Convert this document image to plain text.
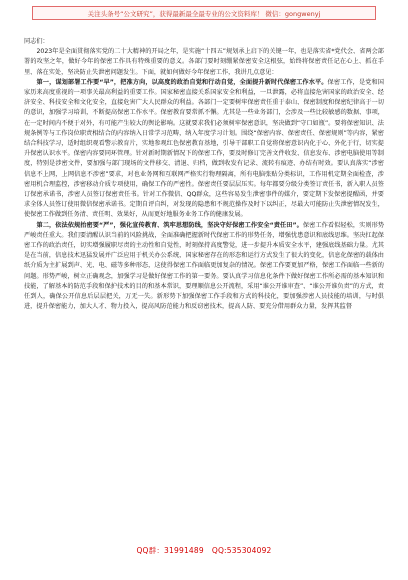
关注头条号“公文研究”，获得最新最全最专业的公文资料库！ 微信：gongwenyj

同志们：

2023年是全面贯彻落实党的二十大精神的开局之年，是实施“十四五”规划承上启下的关键一年，也是落实省*党代会、省两会部署的攻坚之年，做好今年的保密工作具有特殊重要的意义。各部门要时刻绷紧保密安全这根弦，始终将保密责任记在心上、抓在手里、落在实处，坚决防止失泄密问题发生。下面，就如何做好今年保密工作，我讲几点意见：

第一，谋划部署工作要“早”，把准方向，以高度的政治自觉和行动自觉，全面提升新时代保密工作水平。保密工作，是党和国家历来高度重视的一项事关最高利益的重要工作。国家秘密直接关系国家安全和利益，一旦泄露，必将直接危害国家的政治安全、经济安全、科技安全和文化安全，直接危害广大人民群众的利益。各部门一定要树牢保密责任重于泰山、保密制度和保密纪律高于一切的意识，加强学习培训，不断提高保密工作水平。保密教育要常抓不懈。尤其是一些业务部门，会涉及一些比较敏感的数据、事项，在一定时间内不便于对外，有可能产生较大的舆论影响。这就要求我们必须树牢保密意识，坚决做到“守口如瓶”。要将保密知识、法规条例等与工作岗位职责相结合的内容纳入日常学习范畴，纳入年度学习计划。围绕“保密内容、保密责任、保密规则”等内容，紧密结合科技学习，适时组织观看警示教育片，实地参观红色保密教育基地，引导干部职工自觉将保密意识内化于心、外化于行，切实提升保密认识水平。保密内容要同环管理。针对新时期新情况下的保密工作，要及时修订完善文件收发、信息发布、涉密电脑使用等制度，特别是涉密文件，要加强与部门现场的文件移交、清退、归档，做到收发有记录、流转有痕迹、办结有时效。要认真落实“涉密信息不上网，上网信息不涉密”要求，对也业务网和互联网严格实行物理隔离，所有电脑张贴分类标识，工作用机定期全面检查，涉密用机合理监控，涉密移动介质专项使用，确保工作的严密性。保密责任要层层压实。每年都要分级分类签订责任书，新入职人员签订保密承诺书，涉密人员签订保密责任书。针对工作微信、QQ群众，这些容易发生泄密事件的媒介，要定期下发保密提醒函，并要求全体人员签订使用微信保密承诺书。定期自评自纠，对发现的隐患和不规范操作及时下以纠正，尽最大可能防止失泄密情况发生，使保密工作做到任务清、责任明、效果好，从而更好地服务业务工作的健康发展。

第二，依法依规抬密要“严”，强化宣传教育、筑牢思想防线，坚决守好保密工作安全“责任田”。保密工作看似轻松，实则形势严峻责任重大。我们要清醒认识当前的风险挑战，全面准确把握新时代保密工作的形势任务，增强忧患意识和底线思维。坚决扛起保密工作的政治责任，切实增强履职尽责的主动性和自觉性，时刻保持高度警觉，进一步提升本质安全水平，建强底线基础力量。尤其是在当前，信息技术迅猛发展并广泛应用于机关办公系统，国家秘密存在的形态和运行方式发生了很大的变化，信息化保密的载体由纸介质为主扩展到声、光、电、磁等多种形态，这使得保密工作面临更加复杂的情况。保密工作要更加严格，保密工作面临一些新的问题。形势严峻，树立正确观念，加强学习是做好保密工作的第一要务。要认真学习信息化条件下做好保密工作所必需的基本知识和技能，了解基本的防范手段和保护技术的目的和基本常识，要理顺信息公开流程，采用“谁公开谁审查”、“谁公开谁负责”的方式，责任到人，确保公开信息后层层把关，万无一失。新形势下加强保密工作手段和方式的科技化，要加强涉密人员技能的培训，与时俱进，提升保密能力，加大人才、物力投入，提高风防范能力和反窃密技术，提高人防、要充分借用群众力量，发挥其监督

QQ群：31991489 QQ:535304092
